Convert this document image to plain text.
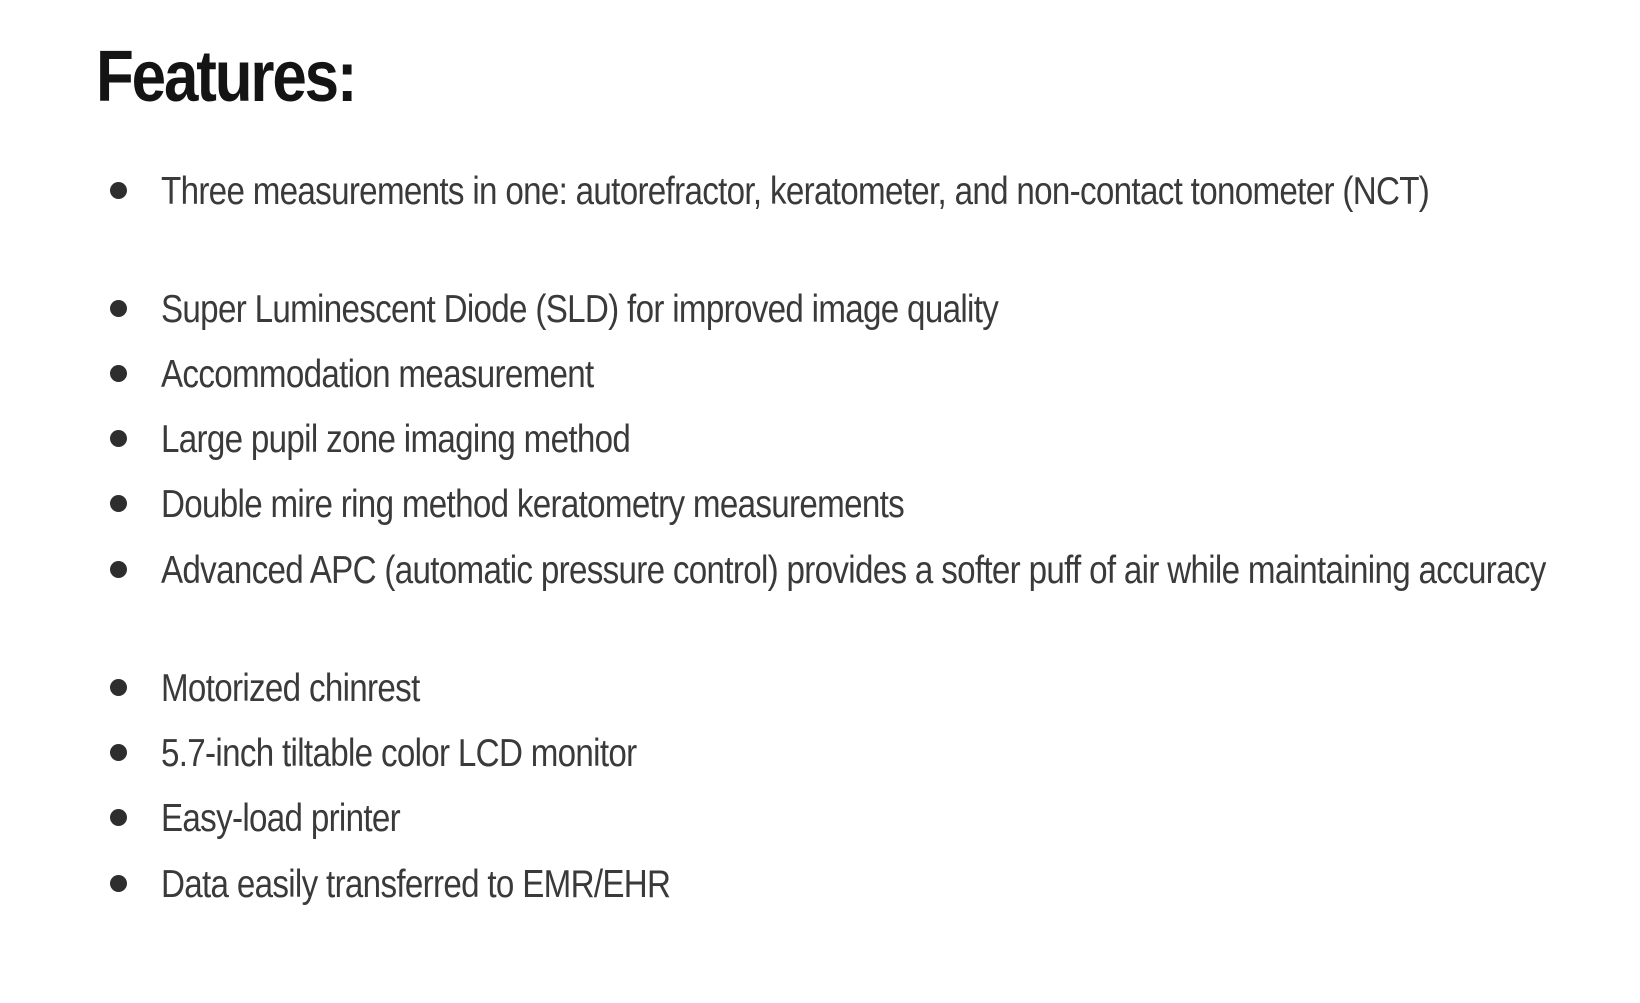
Features:
Three measurements in one: autorefractor, keratometer, and non-contact tonometer (NCT)
Super Luminescent Diode (SLD) for improved image quality
Accommodation measurement
Large pupil zone imaging method
Double mire ring method keratometry measurements
Advanced APC (automatic pressure control) provides a softer puff of air while maintaining accuracy
Motorized chinrest
5.7-inch tiltable color LCD monitor
Easy-load printer
Data easily transferred to EMR/EHR
